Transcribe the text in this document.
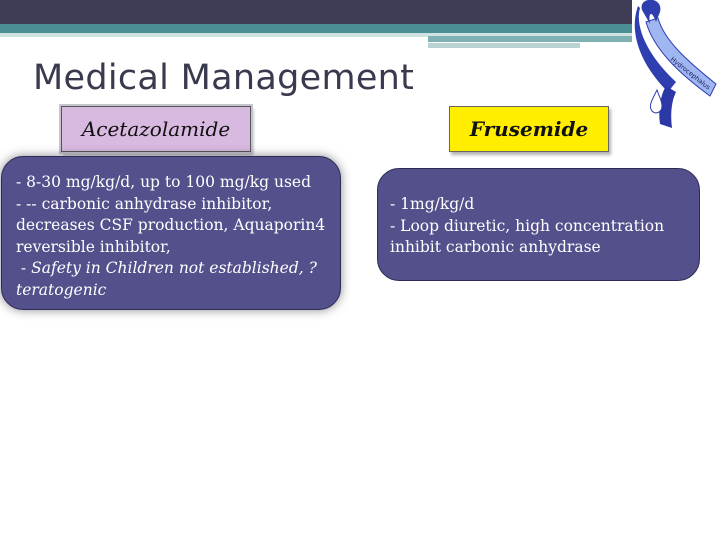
Hydrocephalus
Medical Management
Acetazolamide	Frusemide
- 8-30 mg/kg/d, up to 100 mg/kg used
- -- carbonic anhydrase inhibitor,
decreases CSF production, Aquaporin4
reversible inhibitor,
- Safety in Children not established, ?
teratogenic
- 1mg/kg/d
- Loop diuretic, high concentration
inhibit carbonic anhydrase
